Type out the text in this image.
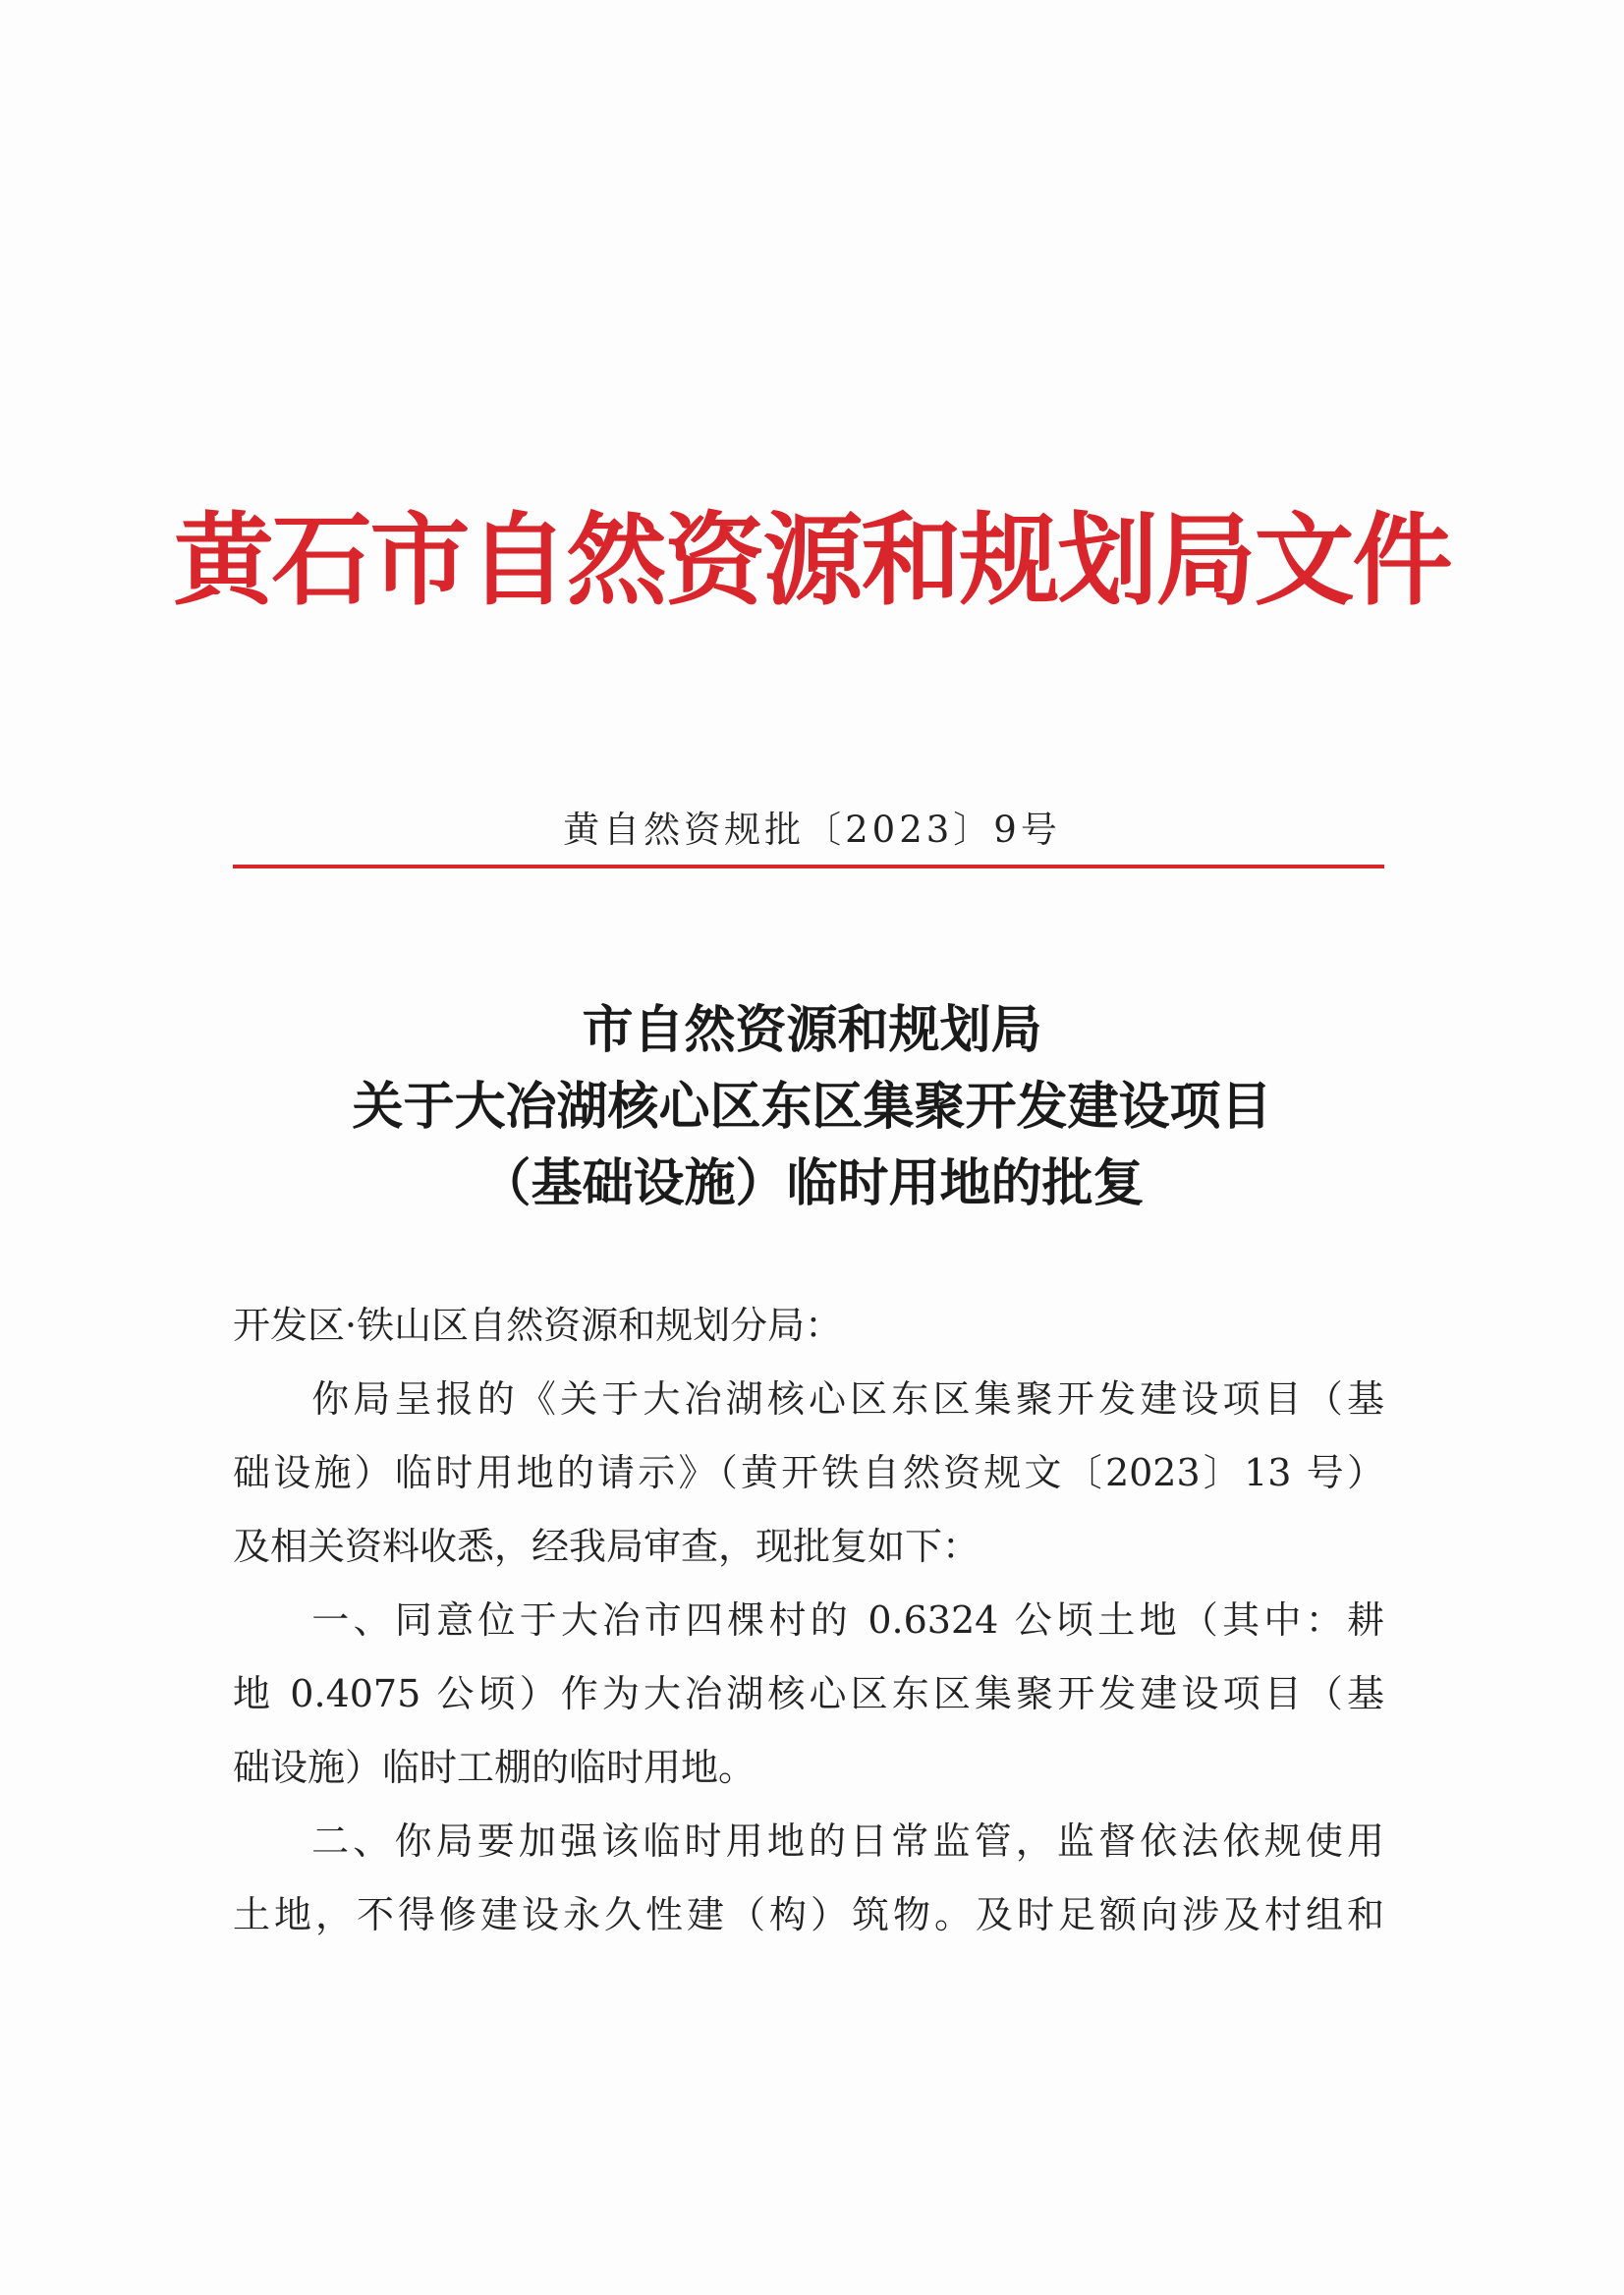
黄石市自然资源和规划局文件
黄自然资规批〔2023〕9号
市自然资源和规划局
关于大冶湖核心区东区集聚开发建设项目
（基础设施）临时用地的批复

开发区·铁山区自然资源和规划分局：

你局呈报的《关于大冶湖核心区东区集聚开发建设项目（基

础设施）临时用地的请示》（黄开铁自然资规文〔2023〕13 号）

及相关资料收悉，经我局审查，现批复如下：

一、同意位于大冶市四棵村的 0.6324 公顷土地（其中：耕

地 0.4075 公顷）作为大冶湖核心区东区集聚开发建设项目（基

础设施）临时工棚的临时用地。

二、你局要加强该临时用地的日常监管，监督依法依规使用

土地，不得修建设永久性建（构）筑物。及时足额向涉及村组和
